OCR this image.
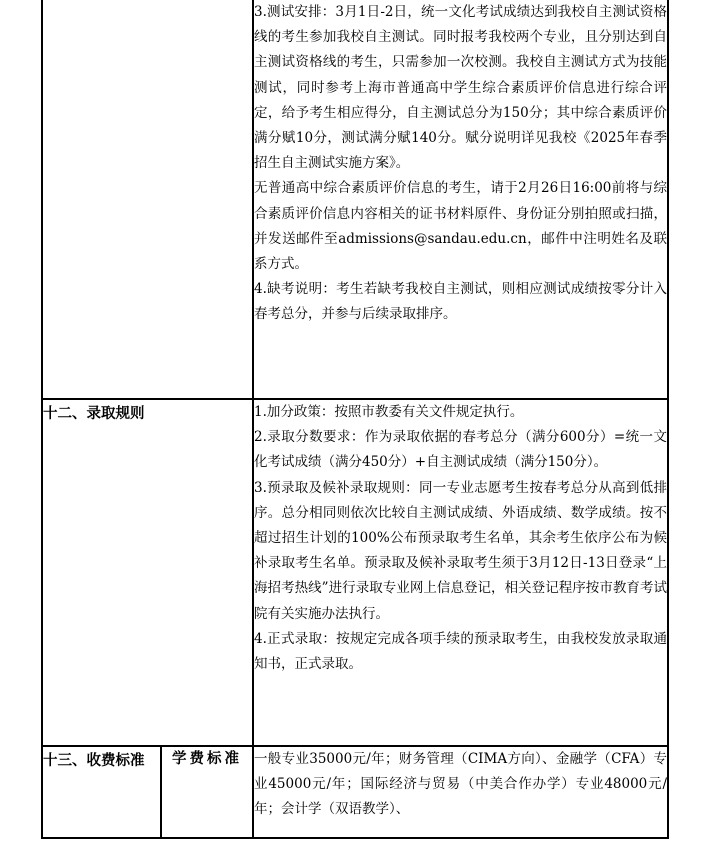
		3.测试安排：3月1日-2日，统一文化考试成绩达到我校自主测试资格线的考生参加我校自主测试。同时报考我校两个专业，且分别达到自主测试资格线的考生，只需参加一次校测。我校自主测试方式为技能测试，同时参考上海市普通高中学生综合素质评价信息进行综合评定，给予考生相应得分，自主测试总分为150分；其中综合素质评价满分赋10分，测试满分赋140分。赋分说明详见我校《2025年春季招生自主测试实施方案》。

无普通高中综合素质评价信息的考生，请于2月26日16:00前将与综合素质评价信息内容相关的证书材料原件、身份证分别拍照或扫描，并发送邮件至admissions@sandau.edu.cn，邮件中注明姓名及联系方式。

4.缺考说明：考生若缺考我校自主测试，则相应测试成绩按零分计入春考总分，并参与后续录取排序。

十二、录取规则		1.加分政策：按照市教委有关文件规定执行。

2.录取分数要求：作为录取依据的春考总分（满分600分）=统一文化考试成绩（满分450分）+自主测试成绩（满分150分）。

3.预录取及候补录取规则：同一专业志愿考生按春考总分从高到低排序。总分相同则依次比较自主测试成绩、外语成绩、数学成绩。按不超过招生计划的100%公布预录取考生名单，其余考生依序公布为候补录取考生名单。预录取及候补录取考生须于3月12日-13日登录“上海招考热线”进行录取专业网上信息登记，相关登记程序按市教育考试院有关实施办法执行。

4.正式录取：按规定完成各项手续的预录取考生，由我校发放录取通知书，正式录取。

十三、收费标准	学费标准	一般专业35000元/年；财务管理（CIMA方向）、金融学（CFA）专业45000元/年；国际经济与贸易（中美合作办学）专业48000元/年；会计学（双语教学）、
